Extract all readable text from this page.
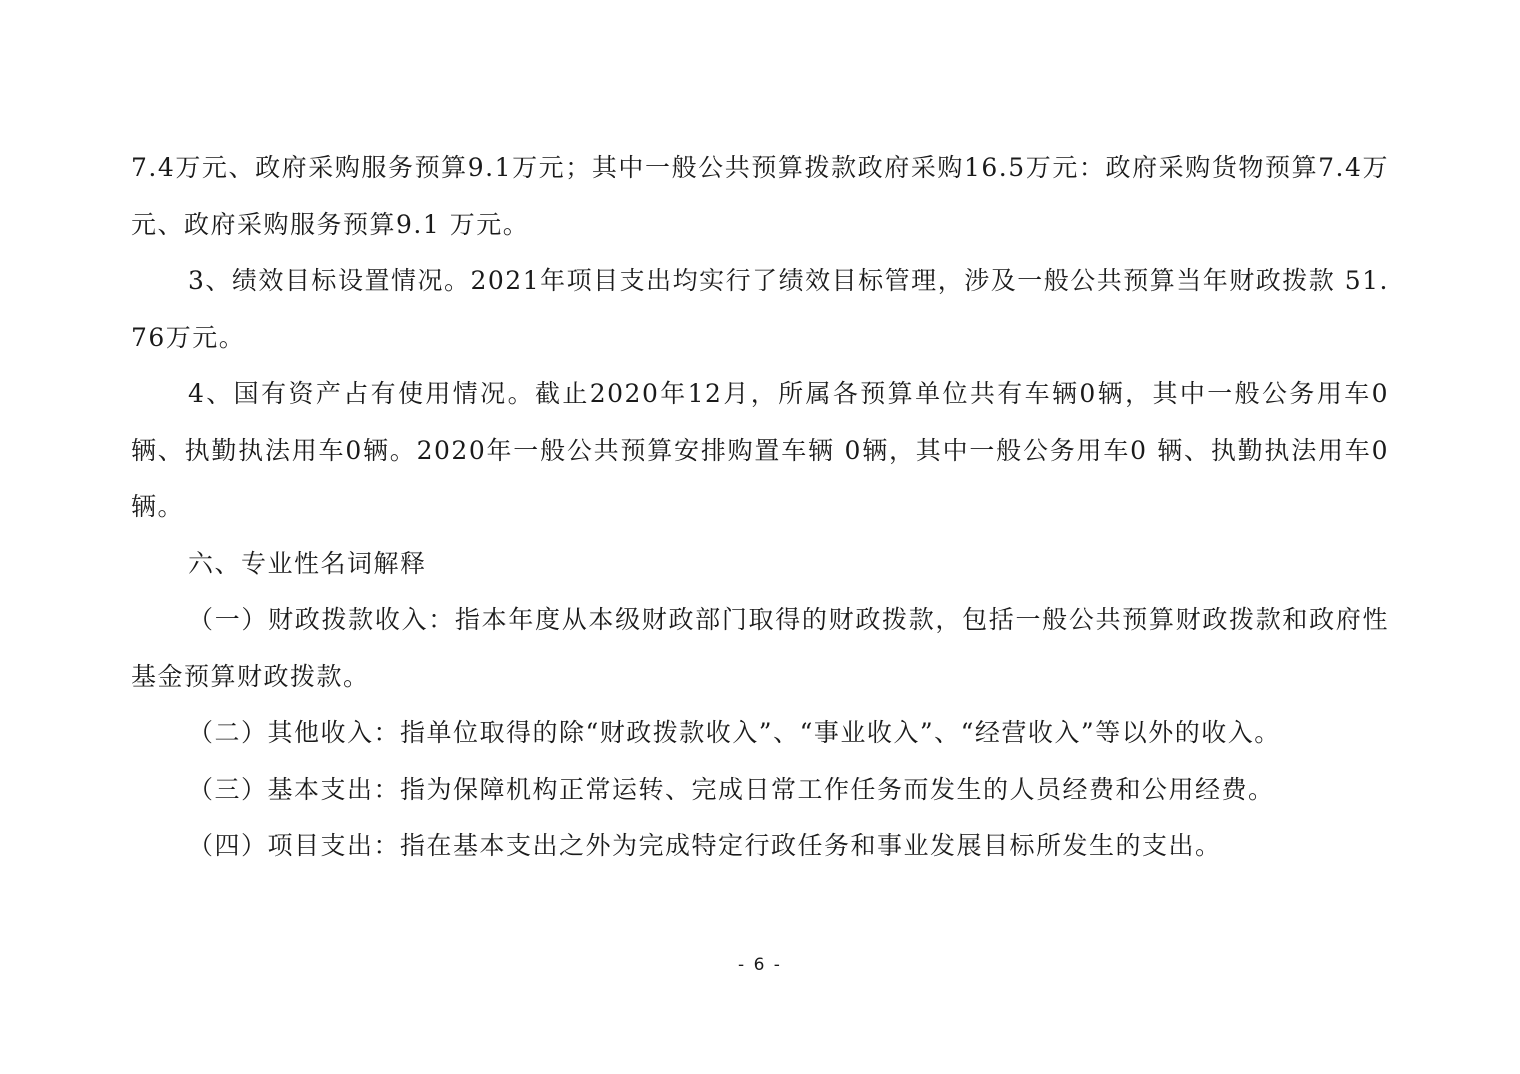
7.4万元、政府采购服务预算9.1万元；其中一般公共预算拨款政府采购16.5万元：政府采购货物预算7.4万元、政府采购服务预算9.1 万元。

3、绩效目标设置情况。2021年项目支出均实行了绩效目标管理，涉及一般公共预算当年财政拨款 51.76万元。

4、国有资产占有使用情况。截止2020年12月，所属各预算单位共有车辆0辆，其中一般公务用车0辆、执勤执法用车0辆。2020年一般公共预算安排购置车辆 0辆，其中一般公务用车0 辆、执勤执法用车0辆。

六、专业性名词解释

（一）财政拨款收入：指本年度从本级财政部门取得的财政拨款，包括一般公共预算财政拨款和政府性基金预算财政拨款。

（二）其他收入：指单位取得的除“财政拨款收入”、“事业收入”、“经营收入”等以外的收入。

（三）基本支出：指为保障机构正常运转、完成日常工作任务而发生的人员经费和公用经费。

（四）项目支出：指在基本支出之外为完成特定行政任务和事业发展目标所发生的支出。

- 6 -
